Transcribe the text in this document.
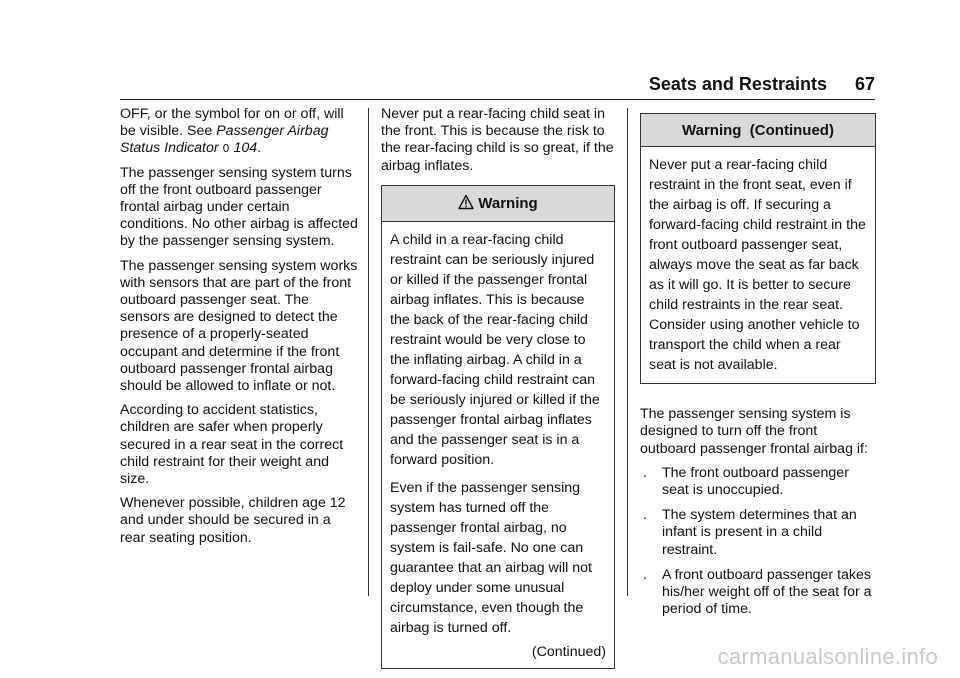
Seats and Restraints 67

OFF, or the symbol for on or off, will be visible. See Passenger Airbag Status Indicator 0 104.

The passenger sensing system turns off the front outboard passenger frontal airbag under certain conditions. No other airbag is affected by the passenger sensing system.

The passenger sensing system works with sensors that are part of the front outboard passenger seat. The sensors are designed to detect the presence of a properly-seated occupant and determine if the front outboard passenger frontal airbag should be allowed to inflate or not.

According to accident statistics, children are safer when properly secured in a rear seat in the correct child restraint for their weight and size.

Whenever possible, children age 12 and under should be secured in a rear seating position.

Never put a rear-facing child seat in the front. This is because the risk to the rear-facing child is so great, if the airbag inflates.

Warning

A child in a rear-facing child restraint can be seriously injured or killed if the passenger frontal airbag inflates. This is because the back of the rear-facing child restraint would be very close to the inflating airbag. A child in a forward-facing child restraint can be seriously injured or killed if the passenger frontal airbag inflates and the passenger seat is in a forward position.

Even if the passenger sensing system has turned off the passenger frontal airbag, no system is fail-safe. No one can guarantee that an airbag will not deploy under some unusual circumstance, even though the airbag is turned off.

(Continued)
Warning  (Continued)

Never put a rear-facing child restraint in the front seat, even if the airbag is off. If securing a forward-facing child restraint in the front outboard passenger seat, always move the seat as far back as it will go. It is better to secure child restraints in the rear seat. Consider using another vehicle to transport the child when a rear seat is not available.

The passenger sensing system is designed to turn off the front outboard passenger frontal airbag if:

. The front outboard passenger seat is unoccupied.
. The system determines that an infant is present in a child restraint.
. A front outboard passenger takes his/her weight off of the seat for a period of time.
carmanualsonline.info
